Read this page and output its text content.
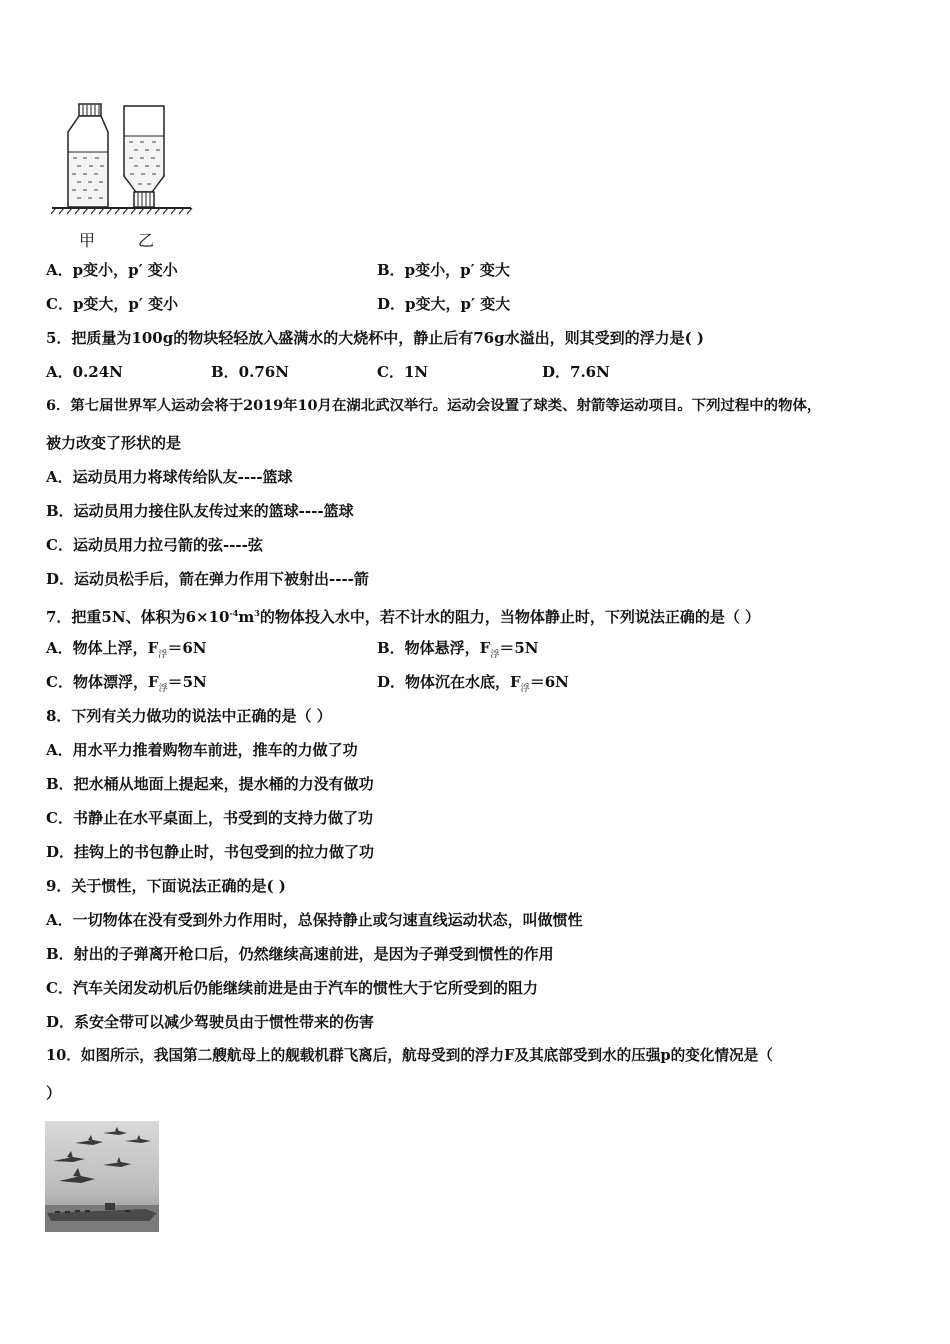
甲	乙
A．p变小，p′ 变小	B．p变小，p′ 变大
C．p变大，p′ 变小	D．p变大，p′ 变大
5．把质量为100g的物块轻轻放入盛满水的大烧杯中，静止后有76g水溢出，则其受到的浮力是( )
A．0.24N	B．0.76N	C．1N	D．7.6N
6．第七届世界军人运动会将于2019年10月在湖北武汉举行。运动会设置了球类、射箭等运动项目。下列过程中的物体，
被力改变了形状的是
A．运动员用力将球传给队友----篮球
B．运动员用力接住队友传过来的篮球----篮球
C．运动员用力拉弓箭的弦----弦
D．运动员松手后，箭在弹力作用下被射出----箭
7．把重5N、体积为$6\times 10^{-4}m^3$的物体投入水中，若不计水的阻力，当物体静止时，下列说法正确的是（ ）
A．物体上浮，$F_浮=6N$	B．物体悬浮，$F_浮=5N$
C．物体漂浮，$F_浮=5N$	D．物体沉在水底，$F_浮=6N$
8．下列有关力做功的说法中正确的是（ ）
A．用水平力推着购物车前进，推车的力做了功
B．把水桶从地面上提起来，提水桶的力没有做功
C．书静止在水平桌面上，书受到的支持力做了功
D．挂钩上的书包静止时，书包受到的拉力做了功
9．关于惯性，下面说法正确的是( )
A．一切物体在没有受到外力作用时，总保持静止或匀速直线运动状态，叫做惯性
B．射出的子弹离开枪口后，仍然继续高速前进，是因为子弹受到惯性的作用
C．汽车关闭发动机后仍能继续前进是由于汽车的惯性大于它所受到的阻力
D．系安全带可以减少驾驶员由于惯性带来的伤害
10．如图所示，我国第二艘航母上的舰载机群飞离后，航母受到的浮力F及其底部受到水的压强p的变化情况是（
）
